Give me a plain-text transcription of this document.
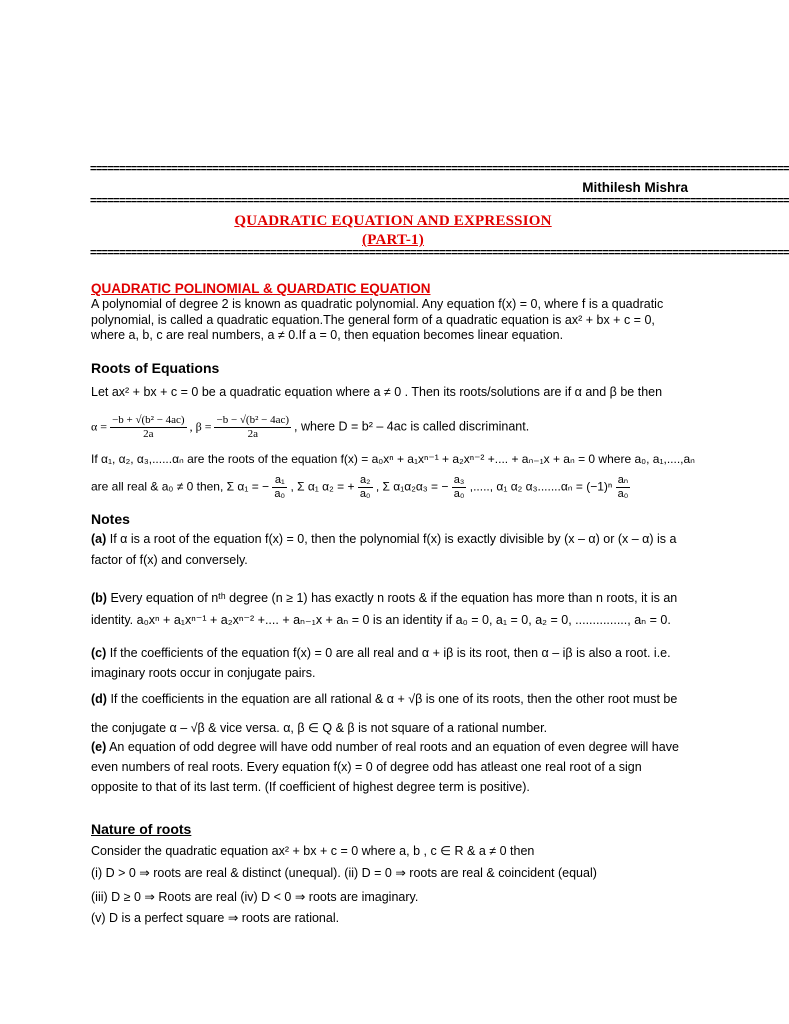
========================================================================================================================
Mithilesh Mishra
========================================================================================================================
QUADRATIC EQUATION AND EXPRESSION
(PART-1)
========================================================================================================================
QUADRATIC POLINOMIAL & QUARDATIC EQUATION
A polynomial of degree 2 is known as quadratic polynomial. Any equation f(x) = 0, where f is a quadratic
polynomial, is called a quadratic equation.The general form of a quadratic equation is ax² + bx + c = 0,
where a, b, c are real numbers, a ≠ 0.If a = 0, then equation becomes linear equation.
Roots of Equations
Let ax² + bx + c = 0 be a quadratic equation where a ≠ 0 . Then its roots/solutions are if α and β be then
$\alpha = \frac{\text{−b + √(b² − 4ac)}}{2a}$ , $\beta = \frac{\text{−b − √(b² − 4ac)}}{2a}$ , where D = b² – 4ac is called discriminant.
If α₁, α₂, α₃,......αₙ are the roots of the equation f(x) = a₀xⁿ + a₁xⁿ⁻¹ + a₂xⁿ⁻² +.... + aₙ₋₁x + aₙ = 0 where a₀, a₁,....,aₙ
are all real & a₀ ≠ 0 then, Σ α₁ = − $\frac{\text{a₁}}{\text{a₀}}$ , Σ α₁ α₂ = + $\frac{\text{a₂}}{\text{a₀}}$ , Σ α₁α₂α₃ = − $\frac{\text{a₃}}{\text{a₀}}$ ,....., α₁ α₂ $\alpha_3.......\alpha_n = (-1)^n \frac{\text{aₙ}}{\text{a₀}}$
Notes
(a) If α is a root of the equation f(x) = 0, then the polynomial f(x) is exactly divisible by (x – α) or (x – α) is a
factor of f(x) and conversely.
(b) Every equation of nᵗʰ degree (n ≥ 1) has exactly n roots & if the equation has more than n roots, it is an
identity. a₀xⁿ + a₁xⁿ⁻¹ + a₂xⁿ⁻² +.... + aₙ₋₁x + aₙ = 0 is an identity if a₀ = 0, a₁ = 0, a₂ = 0, ..............., aₙ = 0.
(c) If the coefficients of the equation f(x) = 0 are all real and α + iβ is its root, then α – iβ is also a root. i.e.
imaginary roots occur in conjugate pairs.
(d) If the coefficients in the equation are all rational & α + √β is one of its roots, then the other root must be
the conjugate α – √β & vice versa. α, β ∈ Q & β is not square of a rational number.
(e) An equation of odd degree will have odd number of real roots and an equation of even degree will have
even numbers of real roots. Every equation f(x) = 0 of degree odd has atleast one real root of a sign
opposite to that of its last term. (If coefficient of highest degree term is positive).
Nature of roots
Consider the quadratic equation ax² + bx + c = 0 where a, b , c ∈ R & a ≠ 0 then
(i) D > 0 ⇒ roots are real & distinct (unequal). (ii) D = 0 ⇒ roots are real & coincident (equal)
(iii) D ≥ 0 ⇒ Roots are real (iv) D < 0 ⇒ roots are imaginary.
(v) D is a perfect square ⇒ roots are rational.
